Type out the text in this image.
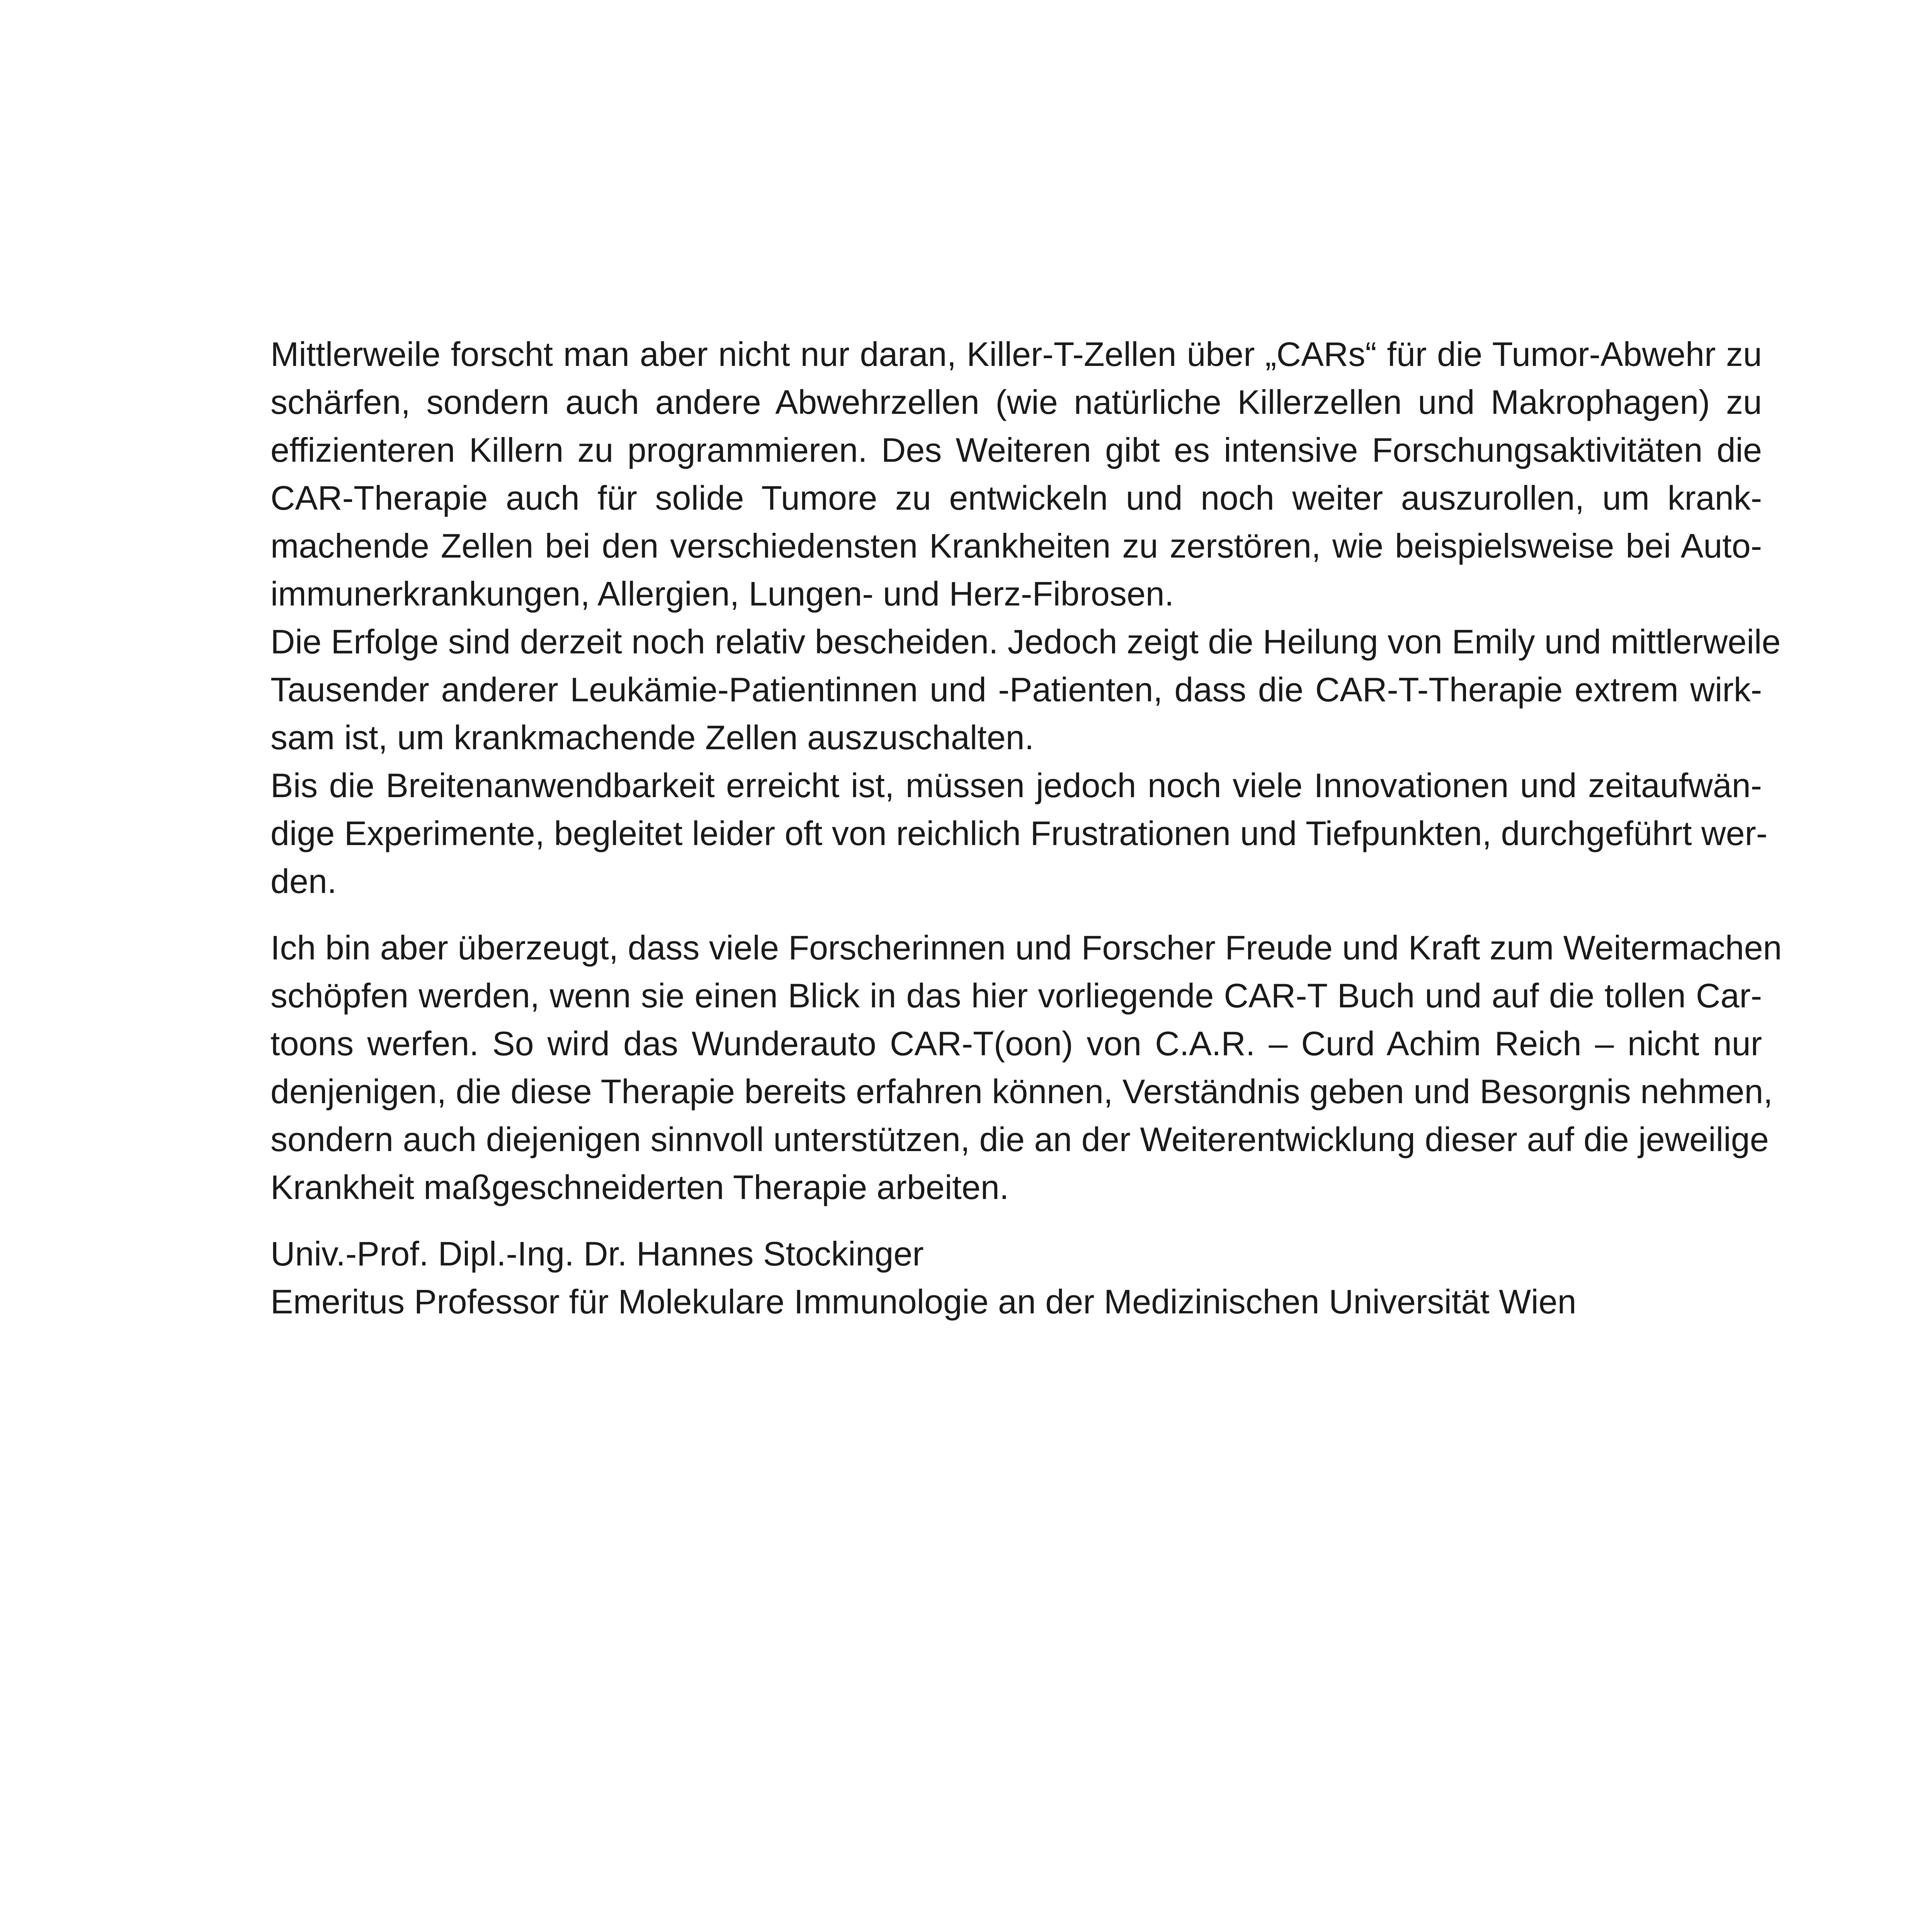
Mittlerweile forscht man aber nicht nur daran, Killer-T-Zellen über „CARs“ für die Tumor-Abwehr zu
schärfen, sondern auch andere Abwehrzellen (wie natürliche Killerzellen und Makrophagen) zu
effizienteren Killern zu programmieren. Des Weiteren gibt es intensive Forschungsaktivitäten die
CAR-Therapie auch für solide Tumore zu entwickeln und noch weiter auszurollen, um krank-
machende Zellen bei den verschiedensten Krankheiten zu zerstören, wie beispielsweise bei Auto-
immunerkrankungen, Allergien, Lungen- und Herz-Fibrosen.
Die Erfolge sind derzeit noch relativ bescheiden. Jedoch zeigt die Heilung von Emily und mittlerweile
Tausender anderer Leukämie-Patientinnen und -Patienten, dass die CAR-T-Therapie extrem wirk-
sam ist, um krankmachende Zellen auszuschalten.
Bis die Breitenanwendbarkeit erreicht ist, müssen jedoch noch viele Innovationen und zeitaufwän-
dige Experimente, begleitet leider oft von reichlich Frustrationen und Tiefpunkten, durchgeführt wer-
den.
Ich bin aber überzeugt, dass viele Forscherinnen und Forscher Freude und Kraft zum Weitermachen
schöpfen werden, wenn sie einen Blick in das hier vorliegende CAR-T Buch und auf die tollen Car-
toons werfen. So wird das Wunderauto CAR-T(oon) von C.A.R. – Curd Achim Reich – nicht nur
denjenigen, die diese Therapie bereits erfahren können, Verständnis geben und Besorgnis nehmen,
sondern auch diejenigen sinnvoll unterstützen, die an der Weiterentwicklung dieser auf die jeweilige
Krankheit maßgeschneiderten Therapie arbeiten.
Univ.-Prof. Dipl.-Ing. Dr. Hannes Stockinger
Emeritus Professor für Molekulare Immunologie an der Medizinischen Universität Wien
